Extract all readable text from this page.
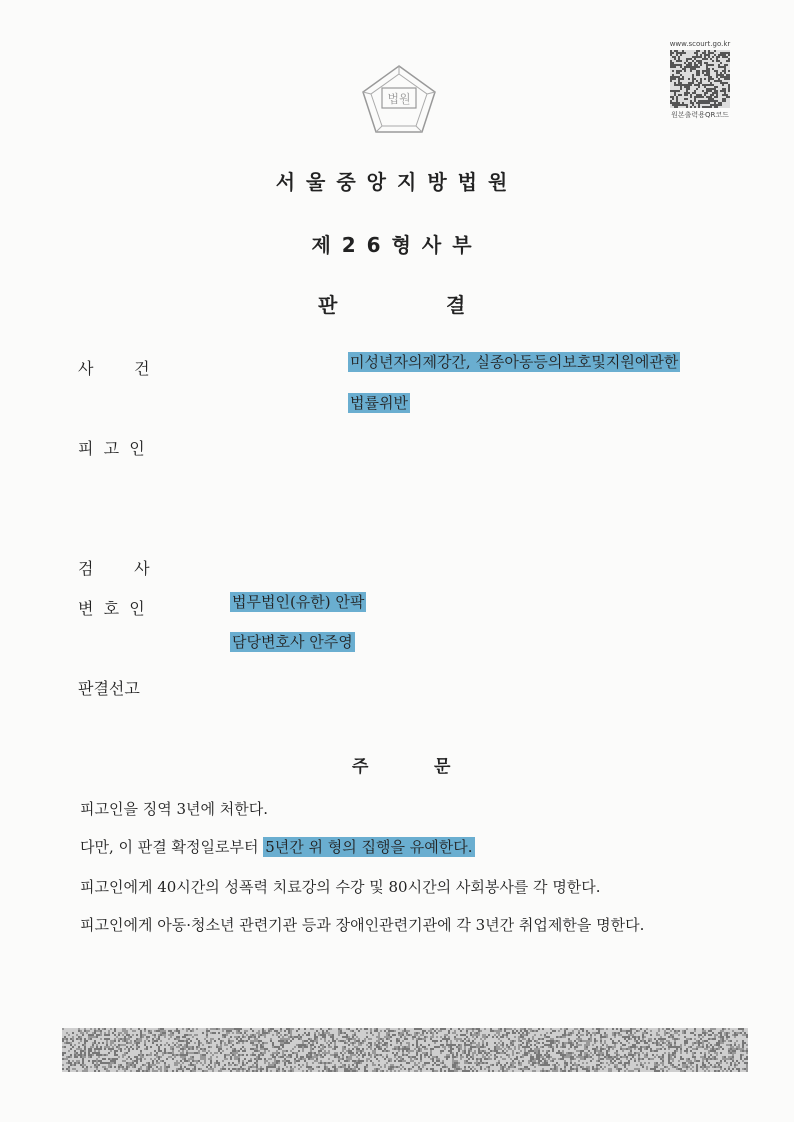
법원
www.scourt.go.kr
원본출력용QR코드
서울중앙지방법원
제26형사부
판	결
사        건	미성년자의제강간, 실종아동등의보호및지원에관한
법률위반
피  고  인
검        사
변  호  인	법무법인(유한) 안팍
담당변호사 안주영
판결선고
주	문
피고인을 징역 3년에 처한다.
다만, 이 판결 확정일로부터 5년간 위 형의 집행을 유예한다.
피고인에게 40시간의 성폭력 치료강의 수강 및 80시간의 사회봉사를 각 명한다.
피고인에게 아동·청소년 관련기관 등과 장애인관련기관에 각 3년간 취업제한을 명한다.
